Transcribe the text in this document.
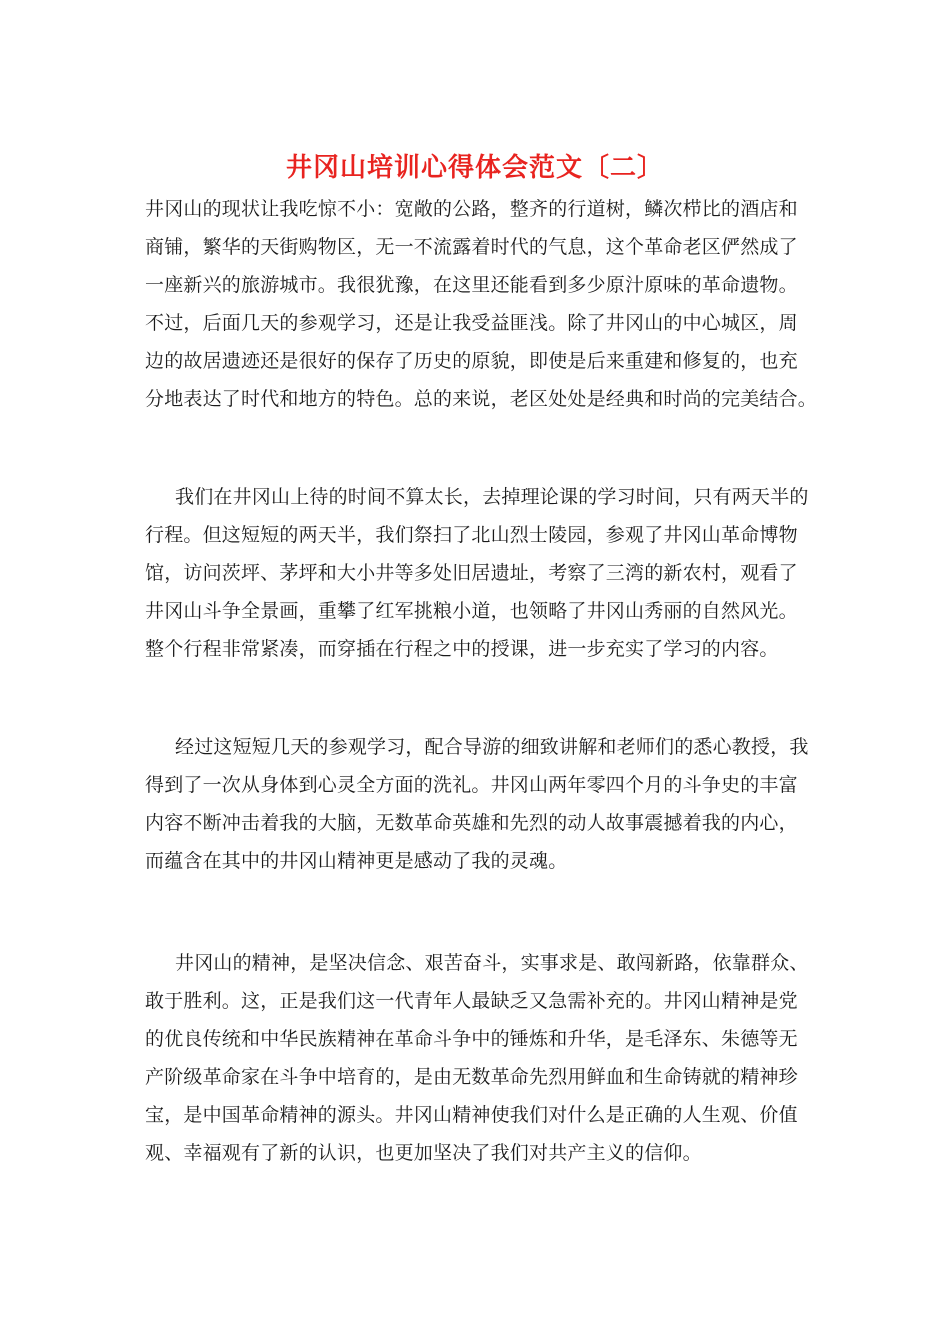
井冈山培训心得体会范文〔二〕
井冈山的现状让我吃惊不小：宽敞的公路，整齐的行道树，鳞次栉比的酒店和
商铺，繁华的天街购物区，无一不流露着时代的气息，这个革命老区俨然成了
一座新兴的旅游城市。我很犹豫，在这里还能看到多少原汁原味的革命遗物。
不过，后面几天的参观学习，还是让我受益匪浅。除了井冈山的中心城区，周
边的故居遗迹还是很好的保存了历史的原貌，即使是后来重建和修复的，也充
分地表达了时代和地方的特色。总的来说，老区处处是经典和时尚的完美结合。
我们在井冈山上待的时间不算太长，去掉理论课的学习时间，只有两天半的
行程。但这短短的两天半，我们祭扫了北山烈士陵园，参观了井冈山革命博物
馆，访问茨坪、茅坪和大小井等多处旧居遗址，考察了三湾的新农村，观看了
井冈山斗争全景画，重攀了红军挑粮小道，也领略了井冈山秀丽的自然风光。
整个行程非常紧凑，而穿插在行程之中的授课，进一步充实了学习的内容。
经过这短短几天的参观学习，配合导游的细致讲解和老师们的悉心教授，我
得到了一次从身体到心灵全方面的洗礼。井冈山两年零四个月的斗争史的丰富
内容不断冲击着我的大脑，无数革命英雄和先烈的动人故事震撼着我的内心，
而蕴含在其中的井冈山精神更是感动了我的灵魂。
井冈山的精神，是坚决信念、艰苦奋斗，实事求是、敢闯新路，依靠群众、
敢于胜利。这，正是我们这一代青年人最缺乏又急需补充的。井冈山精神是党
的优良传统和中华民族精神在革命斗争中的锤炼和升华，是毛泽东、朱德等无
产阶级革命家在斗争中培育的，是由无数革命先烈用鲜血和生命铸就的精神珍
宝，是中国革命精神的源头。井冈山精神使我们对什么是正确的人生观、价值
观、幸福观有了新的认识，也更加坚决了我们对共产主义的信仰。
